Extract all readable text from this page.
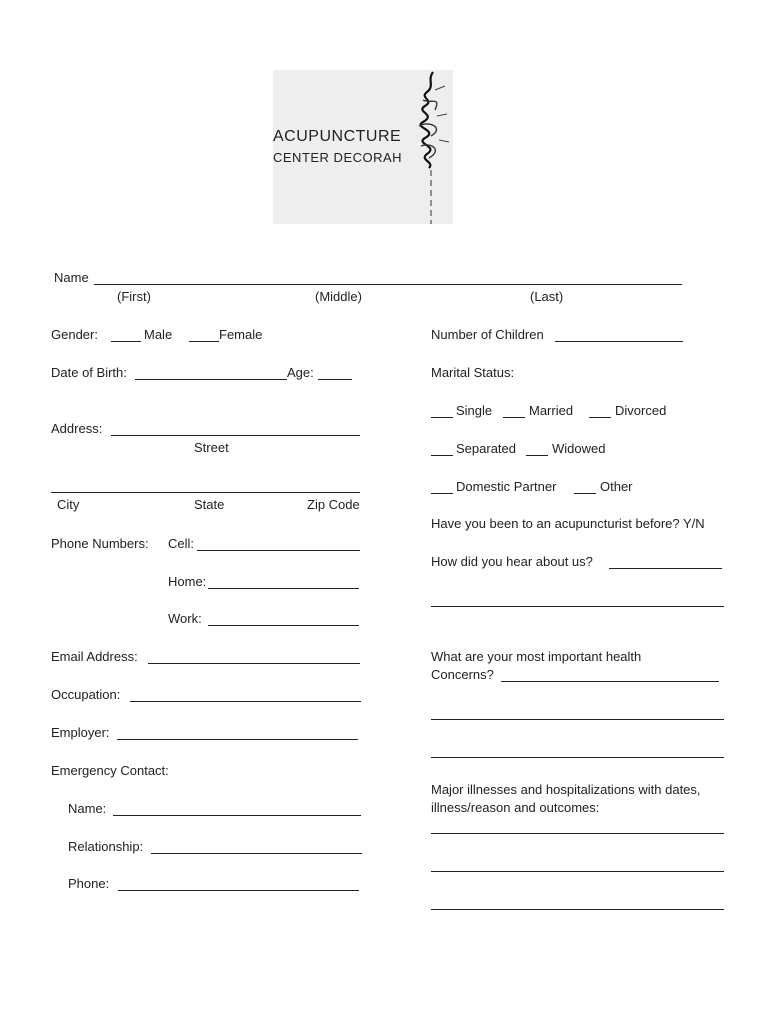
ACUPUNCTURE
CENTER DECORAH
Name
(First)	(Middle)	(Last)
Gender:	Male	Female
Date of Birth:	Age:
Address:
Street
City	State	Zip Code
Phone Numbers: Cell:
Home:
Work:
Email Address:
Occupation:
Employer:
Emergency Contact:
Name:
Relationship:
Phone:
Number of Children
Marital Status:
Single	Married	Divorced
Separated	Widowed
Domestic Partner	Other
Have you been to an acupuncturist before? Y/N
How did you hear about us?
What are your most important health
Concerns?
Major illnesses and hospitalizations with dates,
illness/reason and outcomes:
